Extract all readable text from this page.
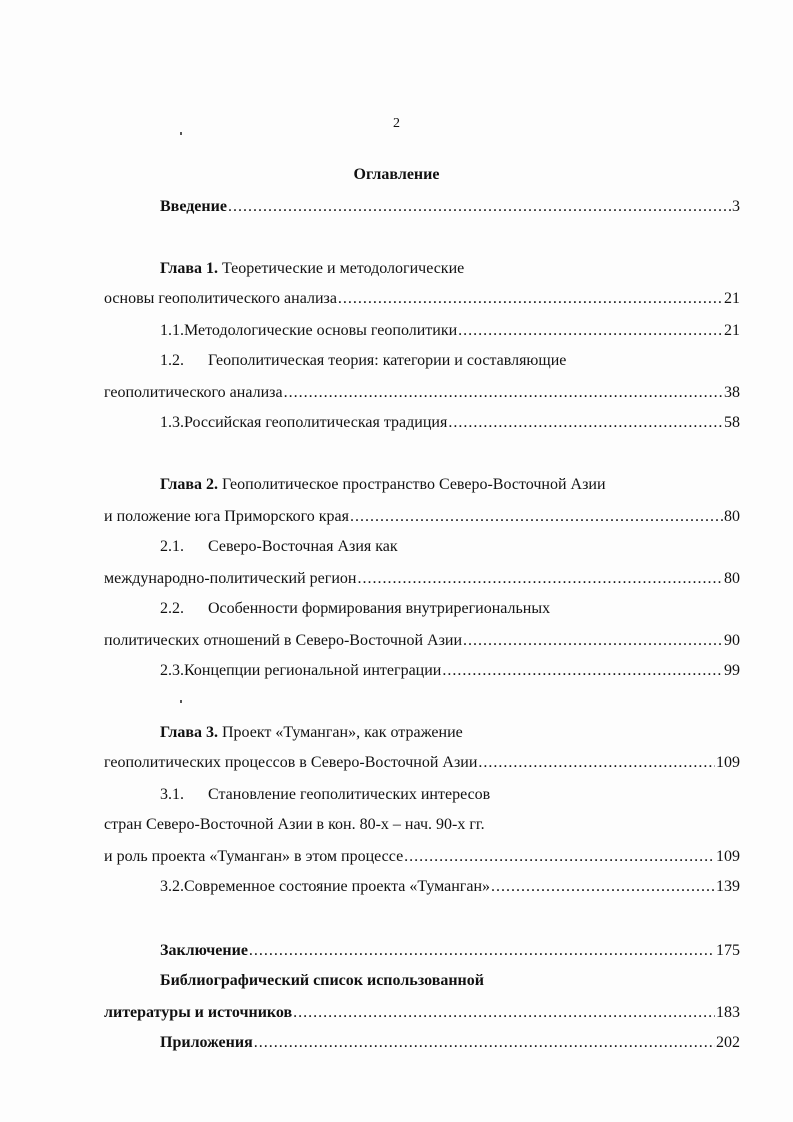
2
Оглавление
Введение .....	3
Глава 1. Теоретические и методологические
основы геополитического анализа .....	21
1.1. Методологические основы геополитики .....	21
1.2.	Геополитическая теория: категории и составляющие
геополитического анализа .....	38
1.3. Российская геополитическая традиция .....	58
Глава 2. Геополитическое пространство Северо-Восточной Азии
и положение юга Приморского края .....	80
2.1.	Северо-Восточная Азия как
международно-политический регион .....	80
2.2.	Особенности формирования внутрирегиональных
политических отношений в Северо-Восточной Азии .....	90
2.3. Концепции региональной интеграции .....	99
Глава 3. Проект «Туманган», как отражение
геополитических процессов в Северо-Восточной Азии .....	109
3.1.	Становление геополитических интересов
стран Северо-Восточной Азии в кон. 80-х – нач. 90-х гг.
и роль проекта «Туманган» в этом процессе .....	109
3.2. Современное состояние проекта «Туманган» .....	139
Заключение .....	175
Библиографический список использованной
литературы и источников .....	183
Приложения .....	202
